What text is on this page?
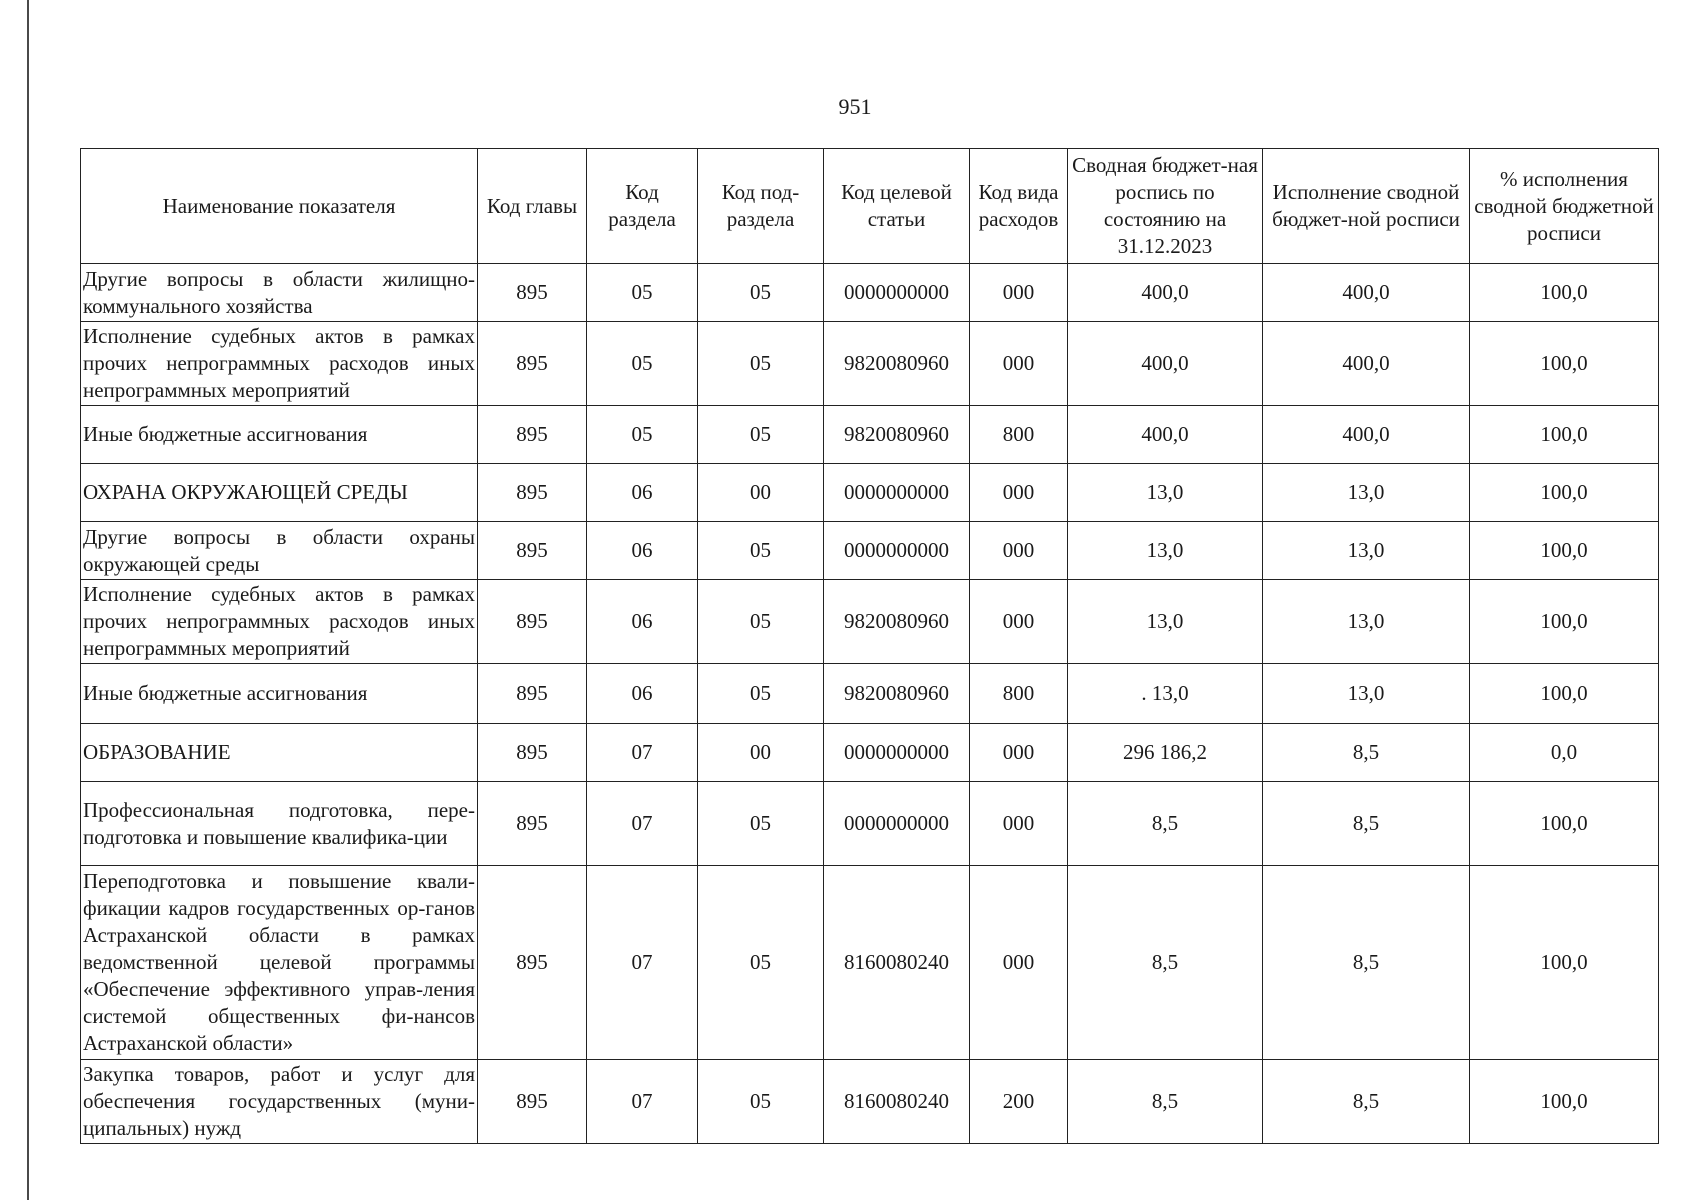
951
Наименование показателя	Код главы	Код раздела	Код под-раздела	Код целевой статьи	Код вида расходов	Сводная бюджет-ная роспись по состоянию на 31.12.2023	Исполнение сводной бюджет-ной росписи	% исполнения сводной бюджетной росписи
Другие вопросы в области жилищно-коммунального хозяйства	895	05	05	0000000000	000	400,0	400,0	100,0
Исполнение судебных актов в рамках прочих непрограммных расходов иных непрограммных мероприятий	895	05	05	9820080960	000	400,0	400,0	100,0
Иные бюджетные ассигнования	895	05	05	9820080960	800	400,0	400,0	100,0
ОХРАНА ОКРУЖАЮЩЕЙ СРЕДЫ	895	06	00	0000000000	000	13,0	13,0	100,0
Другие вопросы в области охраны окружающей среды	895	06	05	0000000000	000	13,0	13,0	100,0
Исполнение судебных актов в рамках прочих непрограммных расходов иных непрограммных мероприятий	895	06	05	9820080960	000	13,0	13,0	100,0
Иные бюджетные ассигнования	895	06	05	9820080960	800	. 13,0	13,0	100,0
ОБРАЗОВАНИЕ	895	07	00	0000000000	000	296 186,2	8,5	0,0
Профессиональная подготовка, пере-подготовка и повышение квалифика-ции	895	07	05	0000000000	000	8,5	8,5	100,0
Переподготовка и повышение квали-фикации кадров государственных ор-ганов Астраханской области в рамках ведомственной целевой программы «Обеспечение эффективного управ-ления системой общественных фи-нансов Астраханской области»	895	07	05	8160080240	000	8,5	8,5	100,0
Закупка товаров, работ и услуг для обеспечения государственных (муни-ципальных) нужд	895	07	05	8160080240	200	8,5	8,5	100,0
